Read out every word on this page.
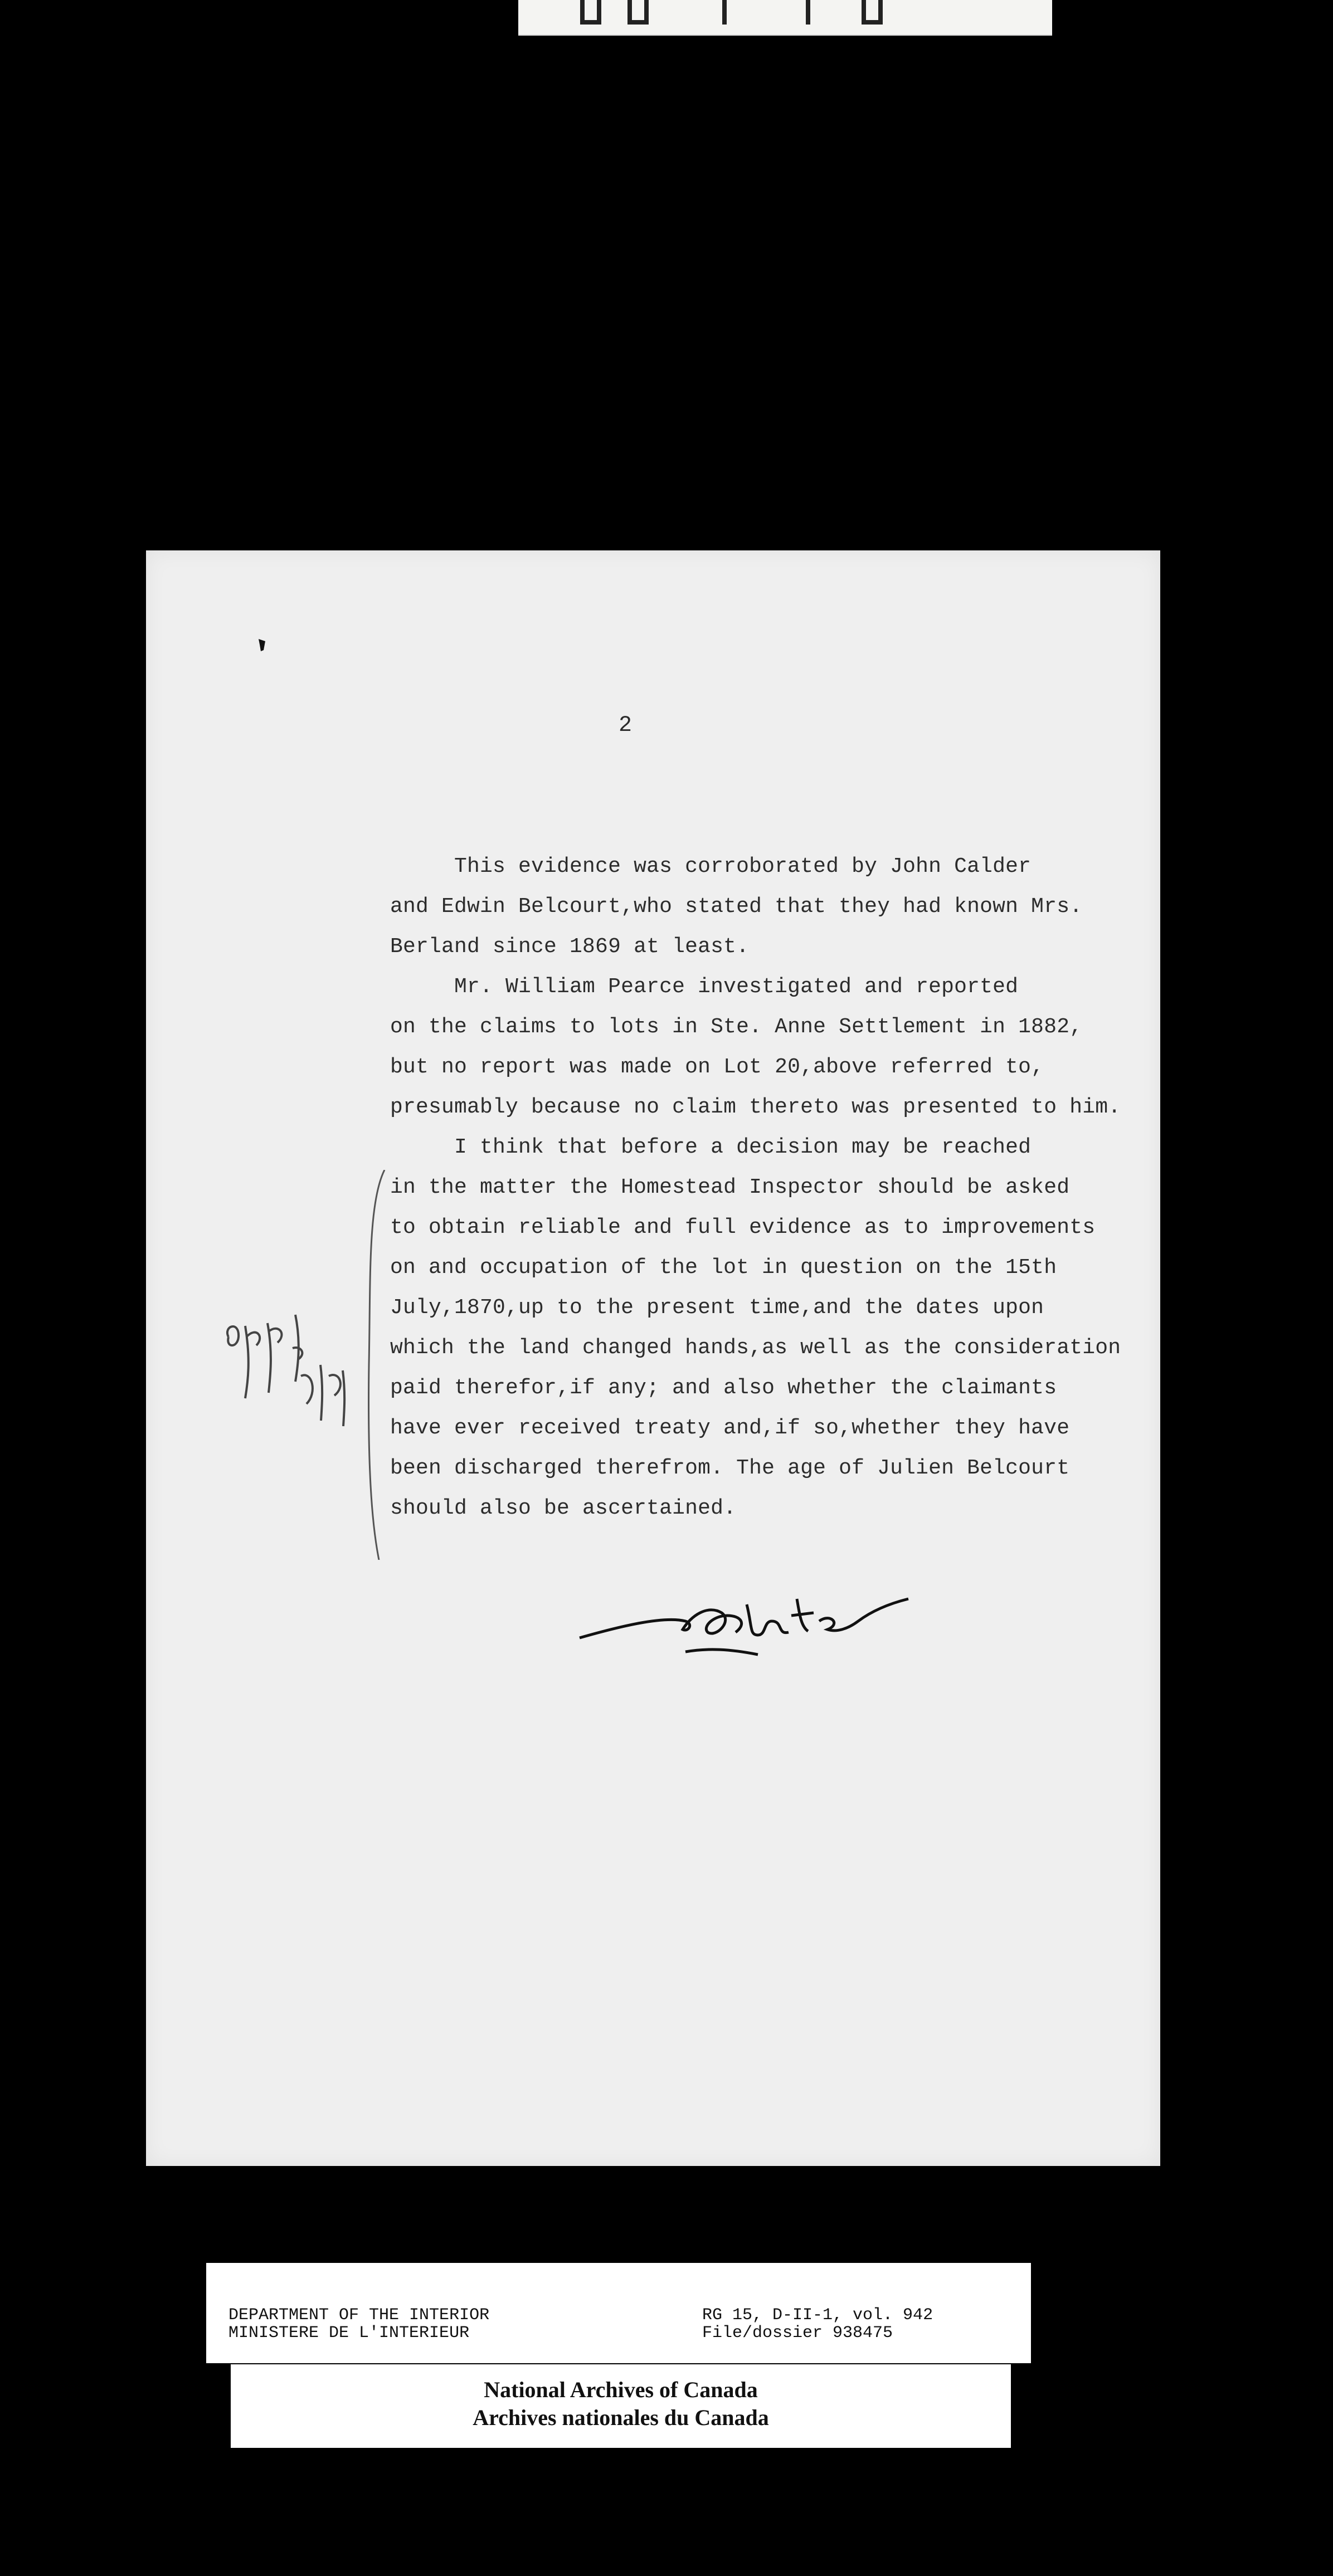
2

This evidence was corroborated by John Calder

and Edwin Belcourt,who stated that they had known Mrs.

Berland since 1869 at least.

Mr. William Pearce investigated and reported

on the claims to lots in Ste. Anne Settlement in 1882,

but no report was made on Lot 20,above referred to,

presumably because no claim thereto was presented to him.

I think that before a decision may be reached

in the matter the Homestead Inspector should be asked

to obtain reliable and full evidence as to improvements

on and occupation of the lot in question on the 15th

July,1870,up to the present time,and the dates upon

which the land changed hands,as well as the consideration

paid therefor,if any; and also whether the claimants

have ever received treaty and,if so,whether they have

been discharged therefrom. The age of Julien Belcourt

should also be ascertained.

DEPARTMENT OF THE INTERIOR
MINISTERE DE L'INTERIEUR
RG 15, D-II-1, vol. 942
File/dossier 938475
National Archives of Canada
Archives nationales du Canada
